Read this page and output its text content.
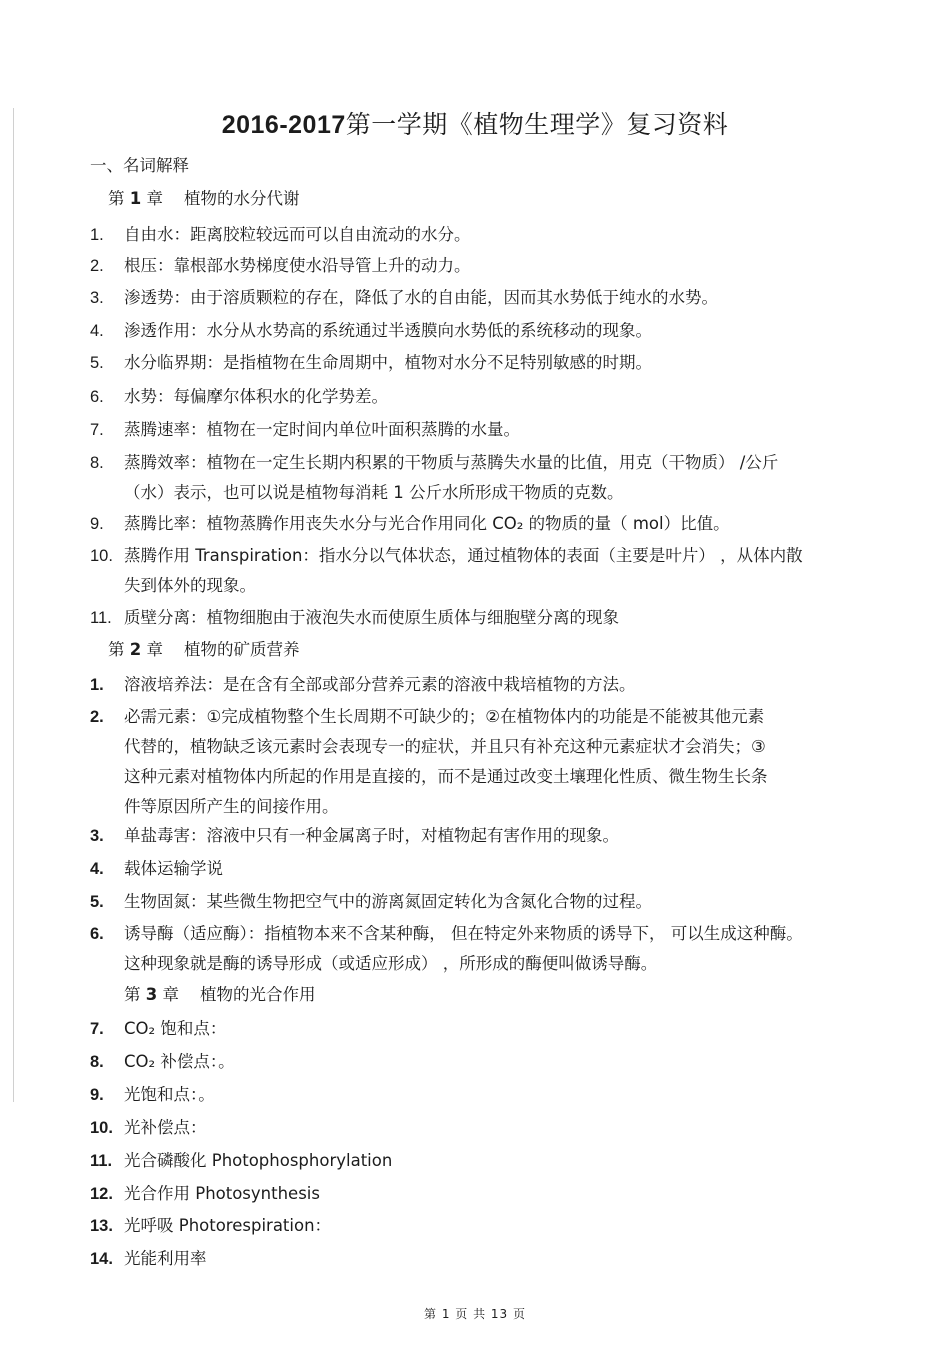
2016-2017第一学期《植物生理学》复习资料
一、名词解释
第 1 章    植物的水分代谢
1. 自由水：距离胶粒较远而可以自由流动的水分。
2. 根压：靠根部水势梯度使水沿导管上升的动力。
3. 渗透势：由于溶质颗粒的存在，降低了水的自由能，因而其水势低于纯水的水势。
4. 渗透作用：水分从水势高的系统通过半透膜向水势低的系统移动的现象。
5. 水分临界期：是指植物在生命周期中，植物对水分不足特别敏感的时期。
6. 水势：每偏摩尔体积水的化学势差。
7. 蒸腾速率：植物在一定时间内单位叶面积蒸腾的水量。
8. 蒸腾效率：植物在一定生长期内积累的干物质与蒸腾失水量的比值，用克（干物质） /公斤
（水）表示，也可以说是植物每消耗 1 公斤水所形成干物质的克数。
9. 蒸腾比率：植物蒸腾作用丧失水分与光合作用同化 CO₂ 的物质的量（ mol）比值。
10. 蒸腾作用 Transpiration：指水分以气体状态，通过植物体的表面（主要是叶片） ，从体内散
失到体外的现象。
11. 质壁分离：植物细胞由于液泡失水而使原生质体与细胞壁分离的现象
第 2 章    植物的矿质营养
1. 溶液培养法：是在含有全部或部分营养元素的溶液中栽培植物的方法。
2. 必需元素：①完成植物整个生长周期不可缺少的；②在植物体内的功能是不能被其他元素
代替的，植物缺乏该元素时会表现专一的症状，并且只有补充这种元素症状才会消失；③
这种元素对植物体内所起的作用是直接的，而不是通过改变土壤理化性质、微生物生长条
件等原因所产生的间接作用。
3. 单盐毒害：溶液中只有一种金属离子时，对植物起有害作用的现象。
4. 载体运输学说
5. 生物固氮：某些微生物把空气中的游离氮固定转化为含氮化合物的过程。
6. 诱导酶（适应酶）：指植物本来不含某种酶， 但在特定外来物质的诱导下， 可以生成这种酶。
这种现象就是酶的诱导形成（或适应形成） ，所形成的酶便叫做诱导酶。
第 3 章    植物的光合作用
7. CO₂ 饱和点：
8. CO₂ 补偿点：。
9. 光饱和点：。
10. 光补偿点：
11. 光合磷酸化 Photophosphorylation
12. 光合作用 Photosynthesis
13. 光呼吸 Photorespiration：
14. 光能利用率
第 1 页 共 13 页
